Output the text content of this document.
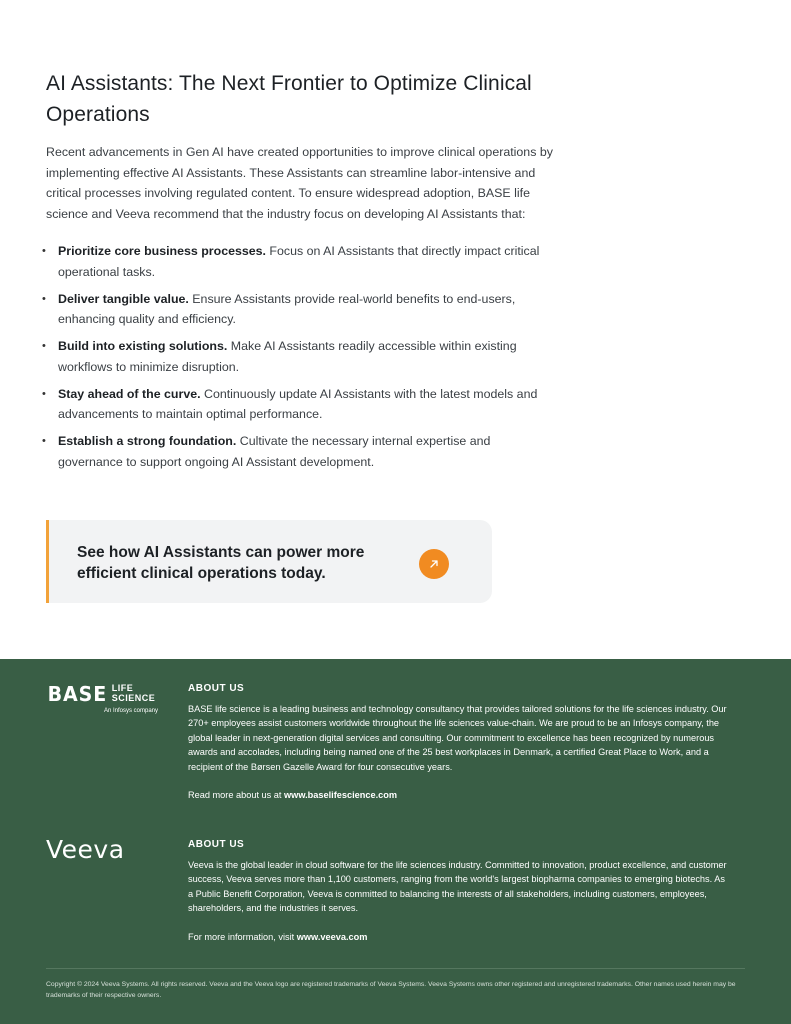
AI Assistants: The Next Frontier to Optimize Clinical Operations

Recent advancements in Gen AI have created opportunities to improve clinical operations by implementing effective AI Assistants. These Assistants can streamline labor-intensive and critical processes involving regulated content. To ensure widespread adoption, BASE life science and Veeva recommend that the industry focus on developing AI Assistants that:

• Prioritize core business processes. Focus on AI Assistants that directly impact critical operational tasks.
• Deliver tangible value. Ensure Assistants provide real-world benefits to end-users, enhancing quality and efficiency.
• Build into existing solutions. Make AI Assistants readily accessible within existing workflows to minimize disruption.
• Stay ahead of the curve. Continuously update AI Assistants with the latest models and advancements to maintain optimal performance.
• Establish a strong foundation. Cultivate the necessary internal expertise and governance to support ongoing AI Assistant development.
See how AI Assistants can power more efficient clinical operations today.
BASE LIFE
SCIENCE
An Infosys company
ABOUT US

BASE life science is a leading business and technology consultancy that provides tailored solutions for the life sciences industry. Our 270+ employees assist customers worldwide throughout the life sciences value-chain. We are proud to be an Infosys company, the global leader in next-generation digital services and consulting. Our commitment to excellence has been recognized by numerous awards and accolades, including being named one of the 25 best workplaces in Denmark, a certified Great Place to Work, and a recipient of the Børsen Gazelle Award for four consecutive years.

Read more about us at www.baselifescience.com

Veeva	ABOUT US

Veeva is the global leader in cloud software for the life sciences industry. Committed to innovation, product excellence, and customer success, Veeva serves more than 1,100 customers, ranging from the world's largest biopharma companies to emerging biotechs. As a Public Benefit Corporation, Veeva is committed to balancing the interests of all stakeholders, including customers, employees, shareholders, and the industries it serves.

For more information, visit www.veeva.com

Copyright © 2024 Veeva Systems. All rights reserved. Veeva and the Veeva logo are registered trademarks of Veeva Systems. Veeva Systems owns other registered and unregistered trademarks. Other names used herein may be trademarks of their respective owners.
